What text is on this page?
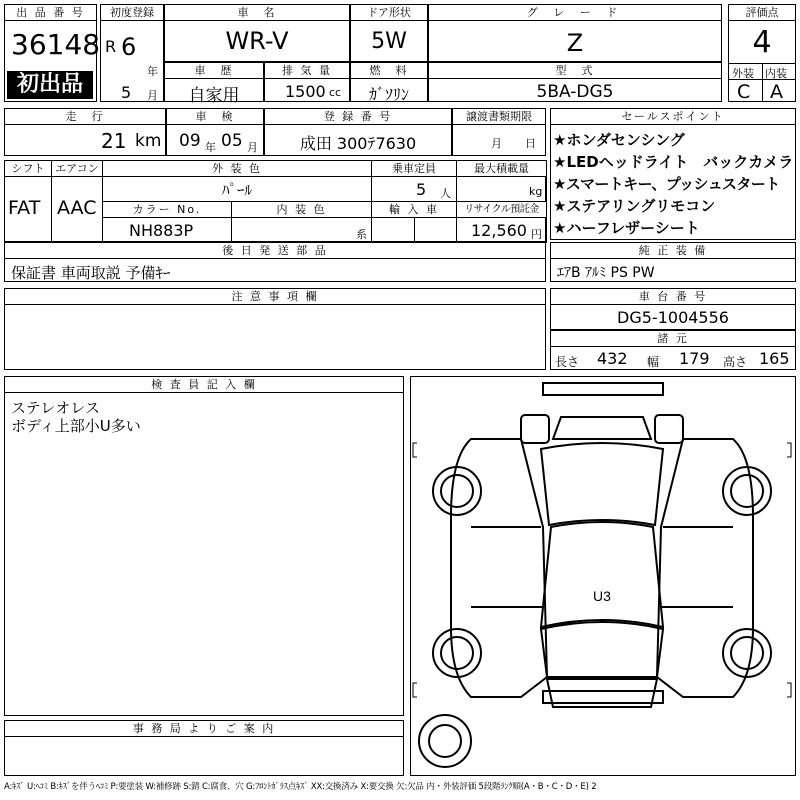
出 品 番 号
36148
初出品
初度登録
R 6
年
5 月
車　名
WR-V
ドア形状
5W
グ レ ー ド
Z
評価点
4
外装 内装
C A
車　歴
自家用
排 気 量
1500 cc
燃　料
ｶﾞｿﾘﾝ
型　式
5BA-DG5
走　行
21 km
車　検
09 年 05 月
登 録 番 号
成田 300ﾃ7630
譲渡書類期限
月 日
シフト
FAT
エアコン
AAC
外 装 色
ﾊﾟｰﾙ
乗車定員
5 人
最大積載量
kg
カラー No.
NH883P
内 装 色
系
輸 入 車	リサイクル預託金
12,560 円
後 日 発 送 部 品
保証書 車両取説 予備ｷｰ
セールスポイント
★ホンダセンシング
★LEDヘッドライト　バックカメラ
★スマートキー、プッシュスタート
★ステアリングリモコン
★ハーフレザーシート
純 正 装 備
ｴｱB ｱﾙﾐ PS PW
注 意 事 項 欄	車 台 番 号
DG5-1004556
諸 元
長さ 432 幅 179 高さ 165
検 査 員 記 入 欄
ステレオレス
ボディ上部小U多い
事 務 局 よ り ご 案 内
U3
A:ｷｽﾞ U:ﾍｺﾐ B:ｷｽﾞを伴うﾍｺﾐ P:要塗装 W:補修跡 S:錆 C:腐食、穴 G:ﾌﾛﾝﾄｶﾞﾗｽ点ｷｽﾞ XX:交換済み X:要交換 欠:欠品 内・外装評価 5段階ﾗﾝｸ順(A・B・C・D・E) 2
